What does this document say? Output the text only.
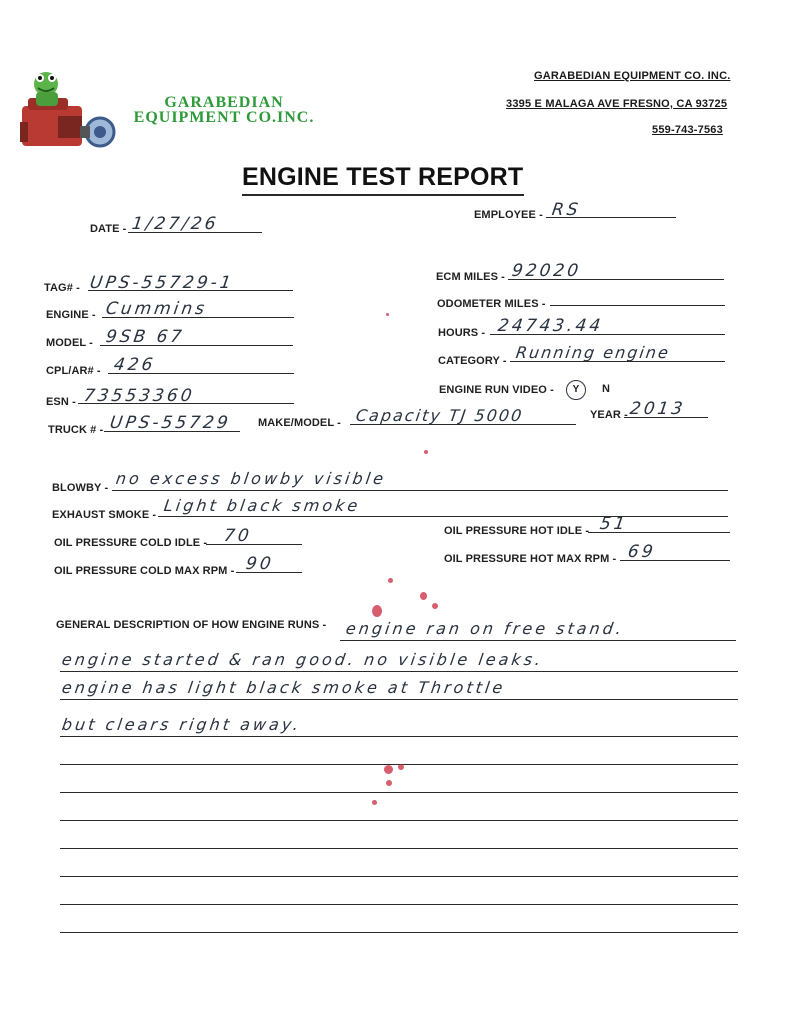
GARABEDIAN
EQUIPMENT CO.INC.
GARABEDIAN EQUIPMENT CO. INC.
3395 E MALAGA AVE FRESNO, CA 93725
559-743-7563
ENGINE TEST REPORT
DATE - 1/27/26	EMPLOYEE - RS
TAG# - UPS-55729-1
ENGINE - Cummins
MODEL - 9SB 67
CPL/AR# - 426
ESN - 73553360
TRUCK # - UPS-55729 MAKE/MODEL - Capacity TJ 5000	YEAR - 2013
ECM MILES - 92020
ODOMETER MILES -
HOURS - 24743.44
CATEGORY - Running engine
ENGINE RUN VIDEO -	Y	N
BLOWBY - no excess blowby visible
EXHAUST SMOKE - Light black smoke
OIL PRESSURE COLD IDLE - 70
OIL PRESSURE COLD MAX RPM - 90
OIL PRESSURE HOT IDLE - 51
OIL PRESSURE HOT MAX RPM - 69
GENERAL DESCRIPTION OF HOW ENGINE RUNS - engine ran on free stand.
engine started & ran good. no visible leaks.
engine has light black smoke at Throttle
but clears right away.
